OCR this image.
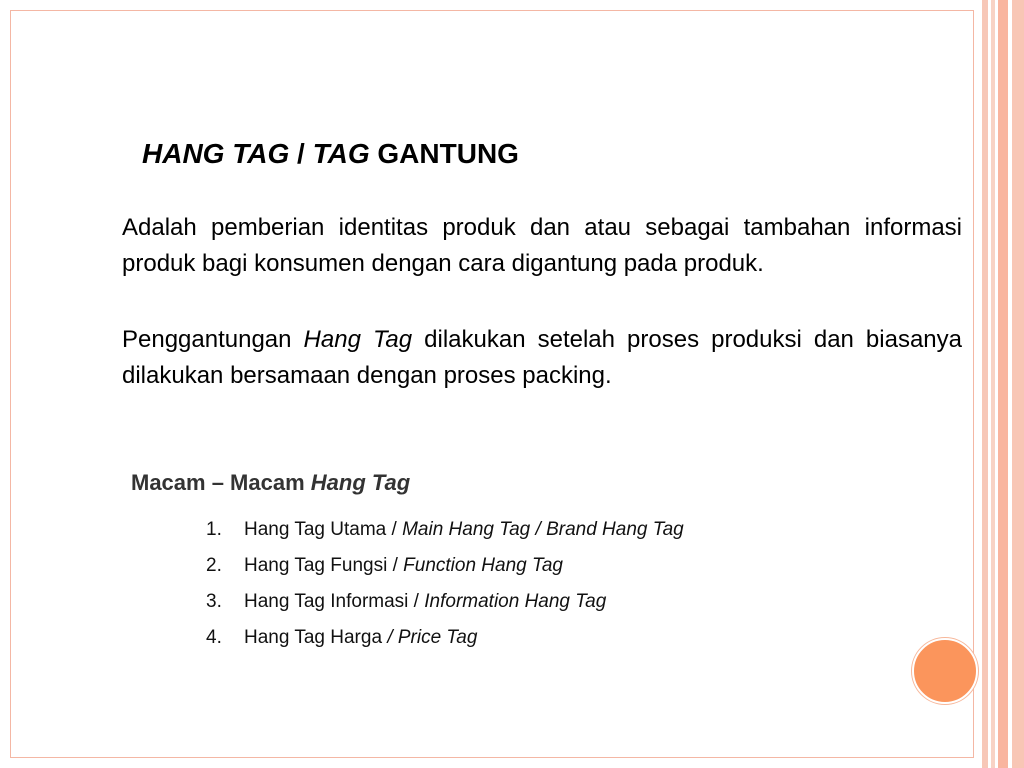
HANG TAG / TAG GANTUNG

Adalah pemberian identitas produk dan atau sebagai tambahan informasi produk bagi konsumen dengan cara digantung pada produk.

Penggantungan Hang Tag dilakukan setelah proses produksi dan biasanya dilakukan bersamaan dengan proses packing.

Macam – Macam Hang Tag
1. Hang Tag Utama / Main Hang Tag / Brand Hang Tag
2. Hang Tag Fungsi / Function Hang Tag
3. Hang Tag Informasi / Information Hang Tag
4. Hang Tag Harga / Price Tag
